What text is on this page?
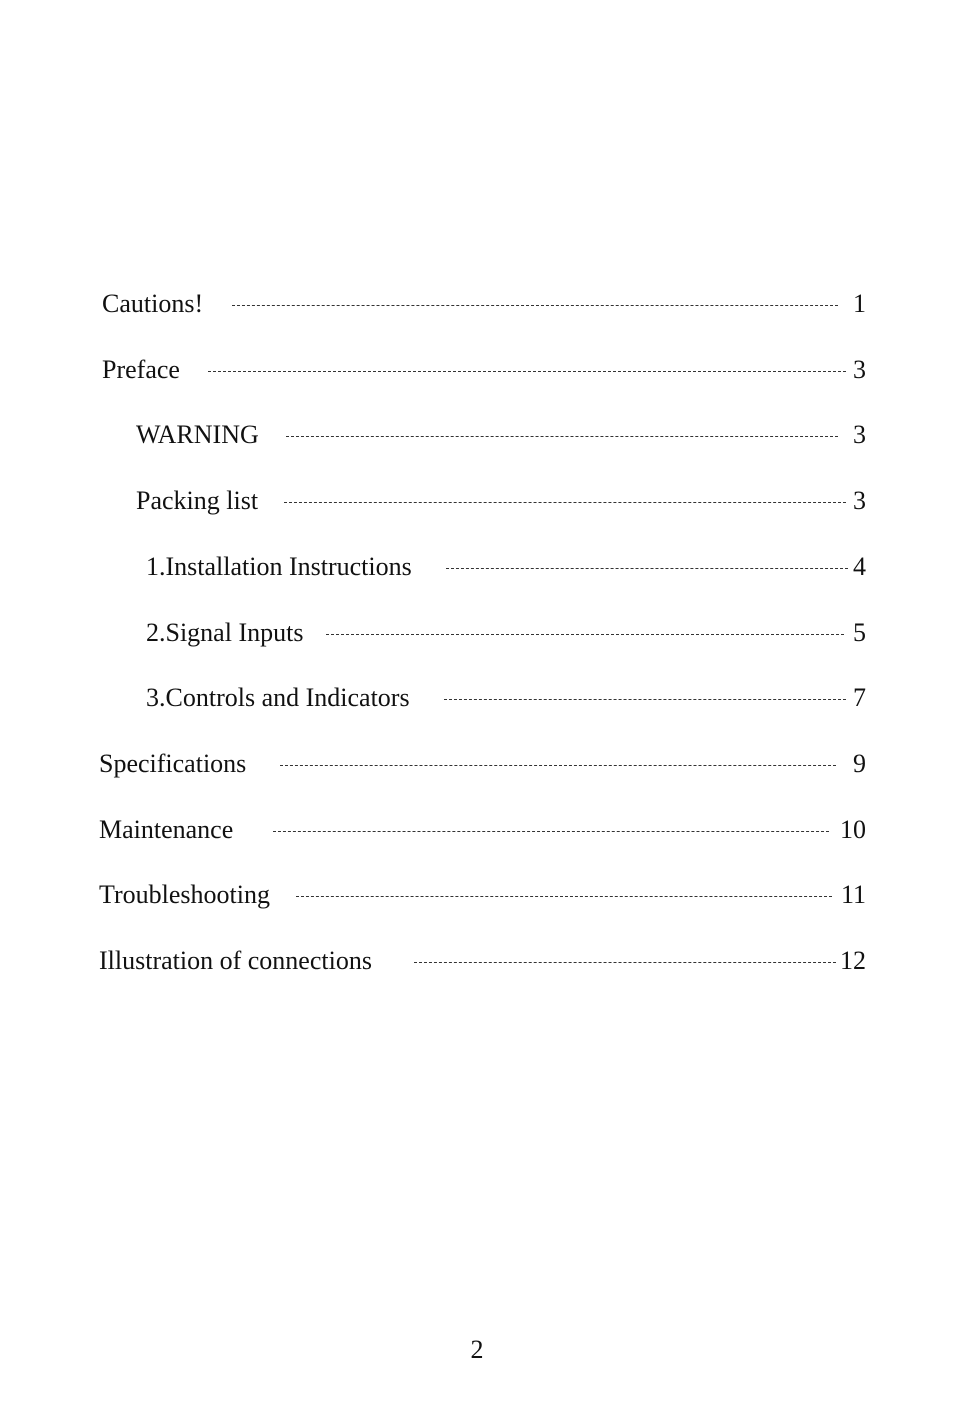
Cautions!	1
Preface	3
WARNING	3
Packing list	3
1.Installation Instructions	4
2.Signal Inputs	5
3.Controls and Indicators	7
Specifications	9
Maintenance	10
Troubleshooting	11
Illustration of connections	12
2
